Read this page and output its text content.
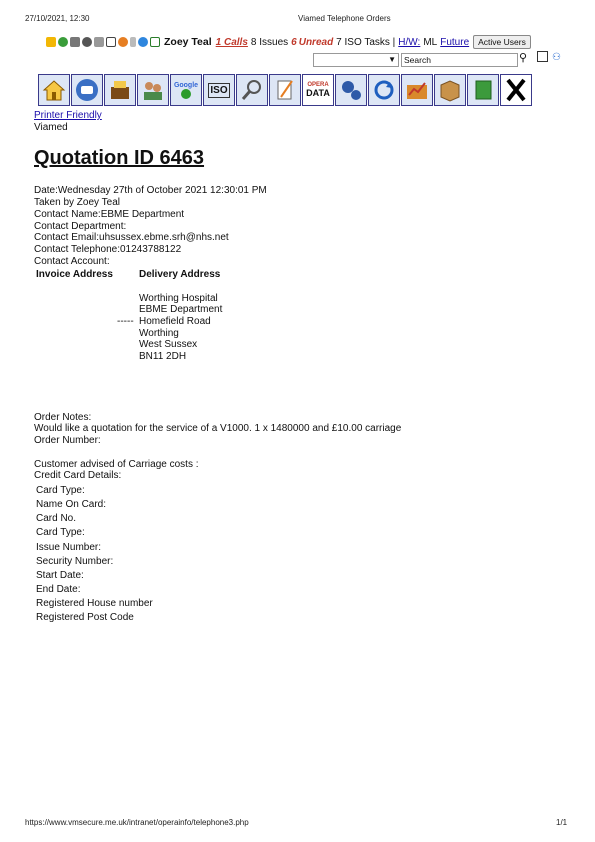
27/10/2021, 12:30	Viamed Telephone Orders
Zoey Teal 1 Calls 8 Issues 6 Unread 7 ISO Tasks | H/W: ML Future	Active Users
▼ Search	⚲ ⚇
Google ISO	OPERA
DATA
Printer Friendly
Viamed
Quotation ID 6463
Date:Wednesday 27th of October 2021 12:30:01 PM
Taken by Zoey Teal
Contact Name:EBME Department
Contact Department:
Contact Email:uhsussex.ebme.srh@nhs.net
Contact Telephone:01243788122
Contact Account:
Invoice Address	Delivery Address
-----
Worthing Hospital
EBME Department
Homefield Road
Worthing
West Sussex
BN11 2DH
Order Notes:
Would like a quotation for the service of a V1000. 1 x 1480000 and £10.00 carriage
Order Number:
Customer advised of Carriage costs :
Credit Card Details:
Card Type:
Name On Card:
Card No.
Card Type:
Issue Number:
Security Number:
Start Date:
End Date:
Registered House number
Registered Post Code
https://www.vmsecure.me.uk/intranet/operainfo/telephone3.php	1/1
